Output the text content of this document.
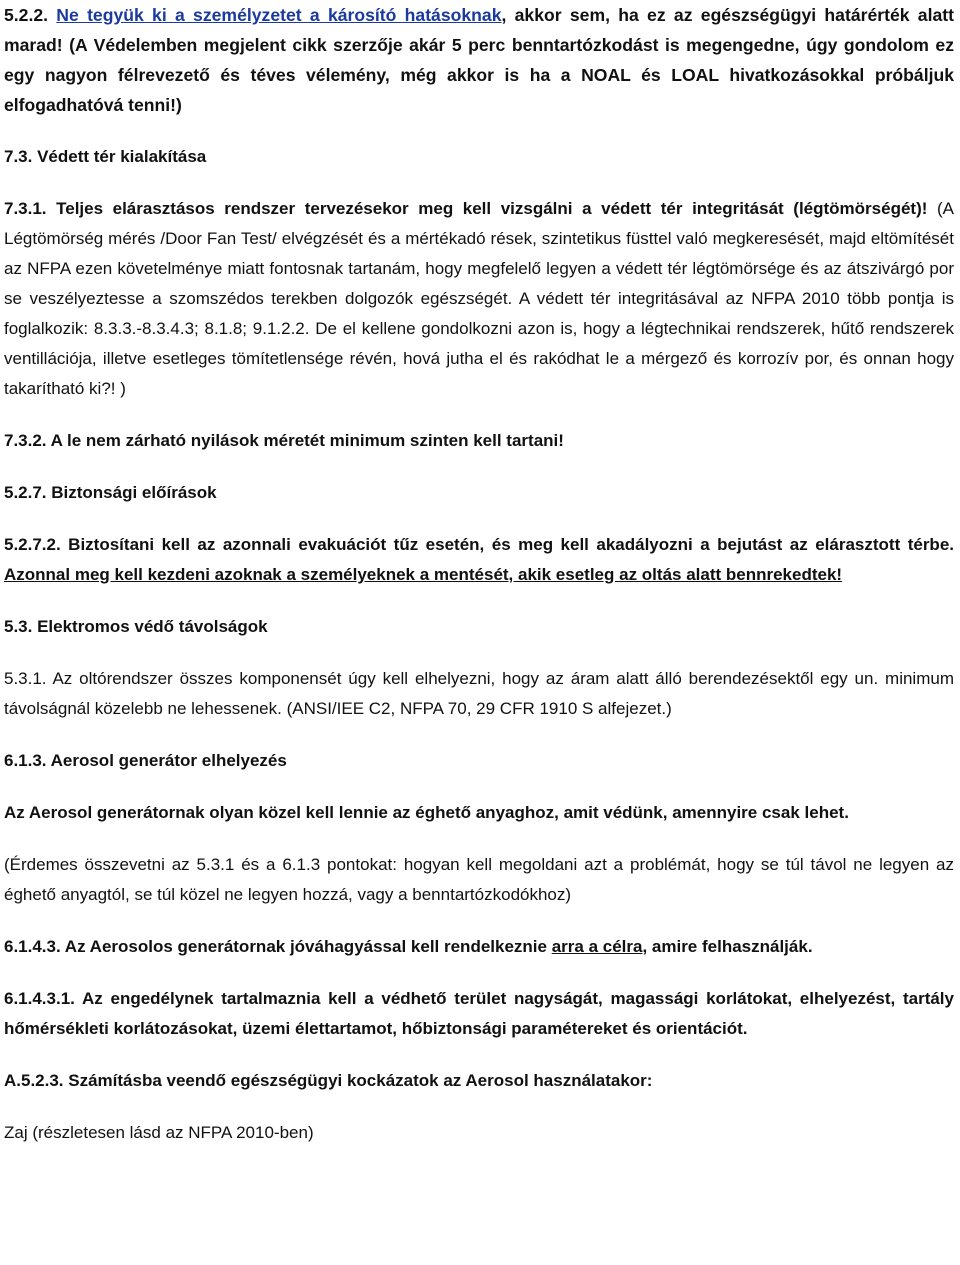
5.2.2. Ne tegyük ki a személyzetet a károsító hatásoknak, akkor sem, ha ez az egészségügyi határérték alatt marad! (A Védelemben megjelent cikk szerzője akár 5 perc benntartózkodást is megengedne, úgy gondolom ez egy nagyon félrevezető és téves vélemény, még akkor is ha a NOAL és LOAL hivatkozásokkal próbáljuk elfogadhatóvá tenni!)

7.3. Védett tér kialakítása

7.3.1. Teljes elárasztásos rendszer tervezésekor meg kell vizsgálni a védett tér integritását (légtömörségét)! (A Légtömörség mérés /Door Fan Test/ elvégzését és a mértékadó rések, szintetikus füsttel való megkeresését, majd eltömítését az NFPA ezen követelménye miatt fontosnak tartanám, hogy megfelelő legyen a védett tér légtömörsége és az átszivárgó por se veszélyeztesse a szomszédos terekben dolgozók egészségét. A védett tér integritásával az NFPA 2010 több pontja is foglalkozik: 8.3.3.-8.3.4.3; 8.1.8; 9.1.2.2. De el kellene gondolkozni azon is, hogy a légtechnikai rendszerek, hűtő rendszerek ventillációja, illetve esetleges tömítetlensége révén, hová jutha el és rakódhat le a mérgező és korrozív por, és onnan hogy takarítható ki?! )

7.3.2. A le nem zárható nyilások méretét minimum szinten kell tartani!

5.2.7. Biztonsági előírások

5.2.7.2. Biztosítani kell az azonnali evakuációt tűz esetén, és meg kell akadályozni a bejutást az elárasztott térbe. Azonnal meg kell kezdeni azoknak a személyeknek a mentését, akik esetleg az oltás alatt bennrekedtek!

5.3. Elektromos védő távolságok

5.3.1. Az oltórendszer összes komponensét úgy kell elhelyezni, hogy az áram alatt álló berendezésektől egy un. minimum távolságnál közelebb ne lehessenek. (ANSI/IEE C2, NFPA 70, 29 CFR 1910 S alfejezet.)

6.1.3. Aerosol generátor elhelyezés

Az Aerosol generátornak olyan közel kell lennie az éghető anyaghoz, amit védünk, amennyire csak lehet.

(Érdemes összevetni az 5.3.1 és a 6.1.3 pontokat: hogyan kell megoldani azt a problémát, hogy se túl távol ne legyen az éghető anyagtól, se túl közel ne legyen hozzá, vagy a benntartózkodókhoz)

6.1.4.3. Az Aerosolos generátornak jóváhagyással kell rendelkeznie arra a célra, amire felhasználják.

6.1.4.3.1. Az engedélynek tartalmaznia kell a védhető terület nagyságát, magassági korlátokat, elhelyezést, tartály hőmérsékleti korlátozásokat, üzemi élettartamot, hőbiztonsági paramétereket és orientációt.

A.5.2.3. Számításba veendő egészségügyi kockázatok az Aerosol használatakor:

Zaj (részletesen lásd az NFPA 2010-ben)
